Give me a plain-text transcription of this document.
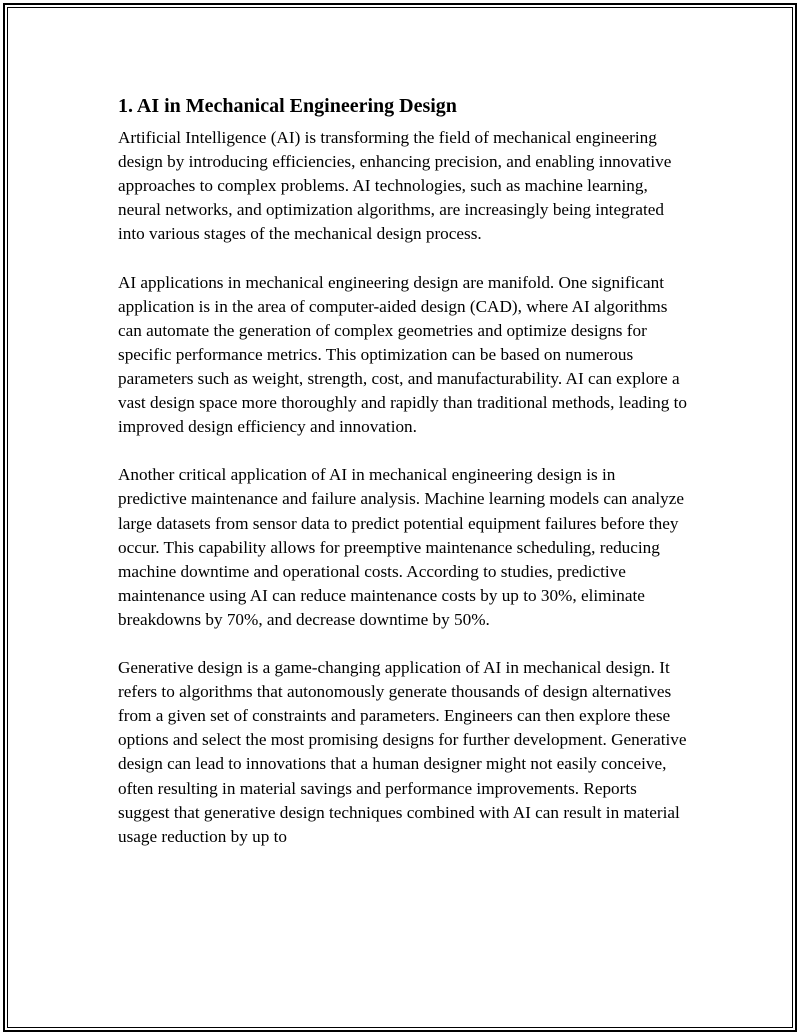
1. AI in Mechanical Engineering Design

Artificial Intelligence (AI) is transforming the field of mechanical engineering design by introducing efficiencies, enhancing precision, and enabling innovative approaches to complex problems. AI technologies, such as machine learning, neural networks, and optimization algorithms, are increasingly being integrated into various stages of the mechanical design process.

AI applications in mechanical engineering design are manifold. One significant application is in the area of computer-aided design (CAD), where AI algorithms can automate the generation of complex geometries and optimize designs for specific performance metrics. This optimization can be based on numerous parameters such as weight, strength, cost, and manufacturability. AI can explore a vast design space more thoroughly and rapidly than traditional methods, leading to improved design efficiency and innovation.

Another critical application of AI in mechanical engineering design is in predictive maintenance and failure analysis. Machine learning models can analyze large datasets from sensor data to predict potential equipment failures before they occur. This capability allows for preemptive maintenance scheduling, reducing machine downtime and operational costs. According to studies, predictive maintenance using AI can reduce maintenance costs by up to 30%, eliminate breakdowns by 70%, and decrease downtime by 50%.

Generative design is a game-changing application of AI in mechanical design. It refers to algorithms that autonomously generate thousands of design alternatives from a given set of constraints and parameters. Engineers can then explore these options and select the most promising designs for further development. Generative design can lead to innovations that a human designer might not easily conceive, often resulting in material savings and performance improvements. Reports suggest that generative design techniques combined with AI can result in material usage reduction by up to
